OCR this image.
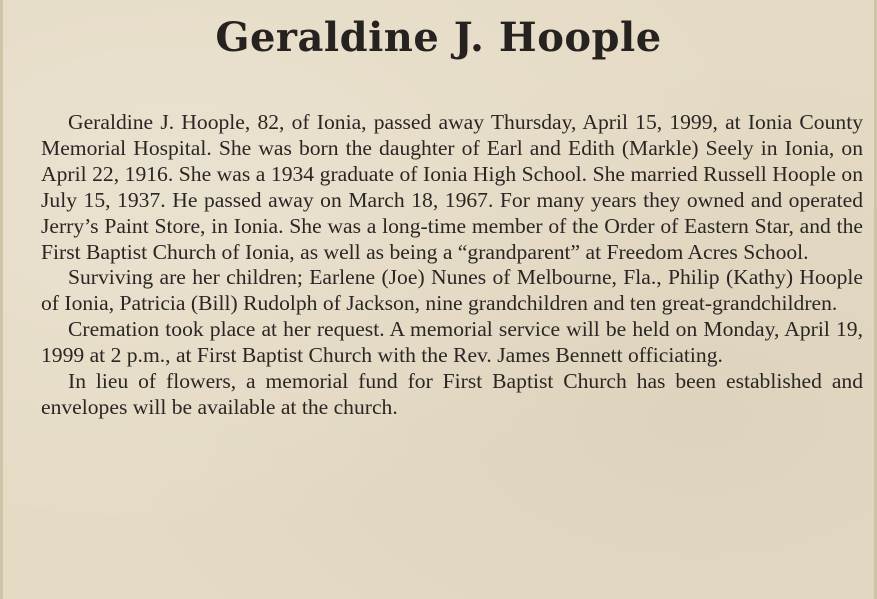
Geraldine J. Hoople

Geraldine J. Hoople, 82, of Ionia, passed away Thursday, April 15, 1999, at Ionia County Memorial Hospital. She was born the daughter of Earl and Edith (Markle) Seely in Ionia, on April 22, 1916. She was a 1934 graduate of Ionia High School. She married Russell Hoople on July 15, 1937. He passed away on March 18, 1967. For many years they owned and operated Jerry’s Paint Store, in Ionia. She was a long-time member of the Order of Eastern Star, and the First Baptist Church of Ionia, as well as being a “grandparent” at Freedom Acres School.

Surviving are her children; Earlene (Joe) Nunes of Melbourne, Fla., Philip (Kathy) Hoople of Ionia, Patricia (Bill) Rudolph of Jackson, nine grandchildren and ten great-grandchildren.

Cremation took place at her request. A memorial service will be held on Monday, April 19, 1999 at 2 p.m., at First Baptist Church with the Rev. James Bennett officiating.

In lieu of flowers, a memorial fund for First Baptist Church has been established and envelopes will be available at the church.
